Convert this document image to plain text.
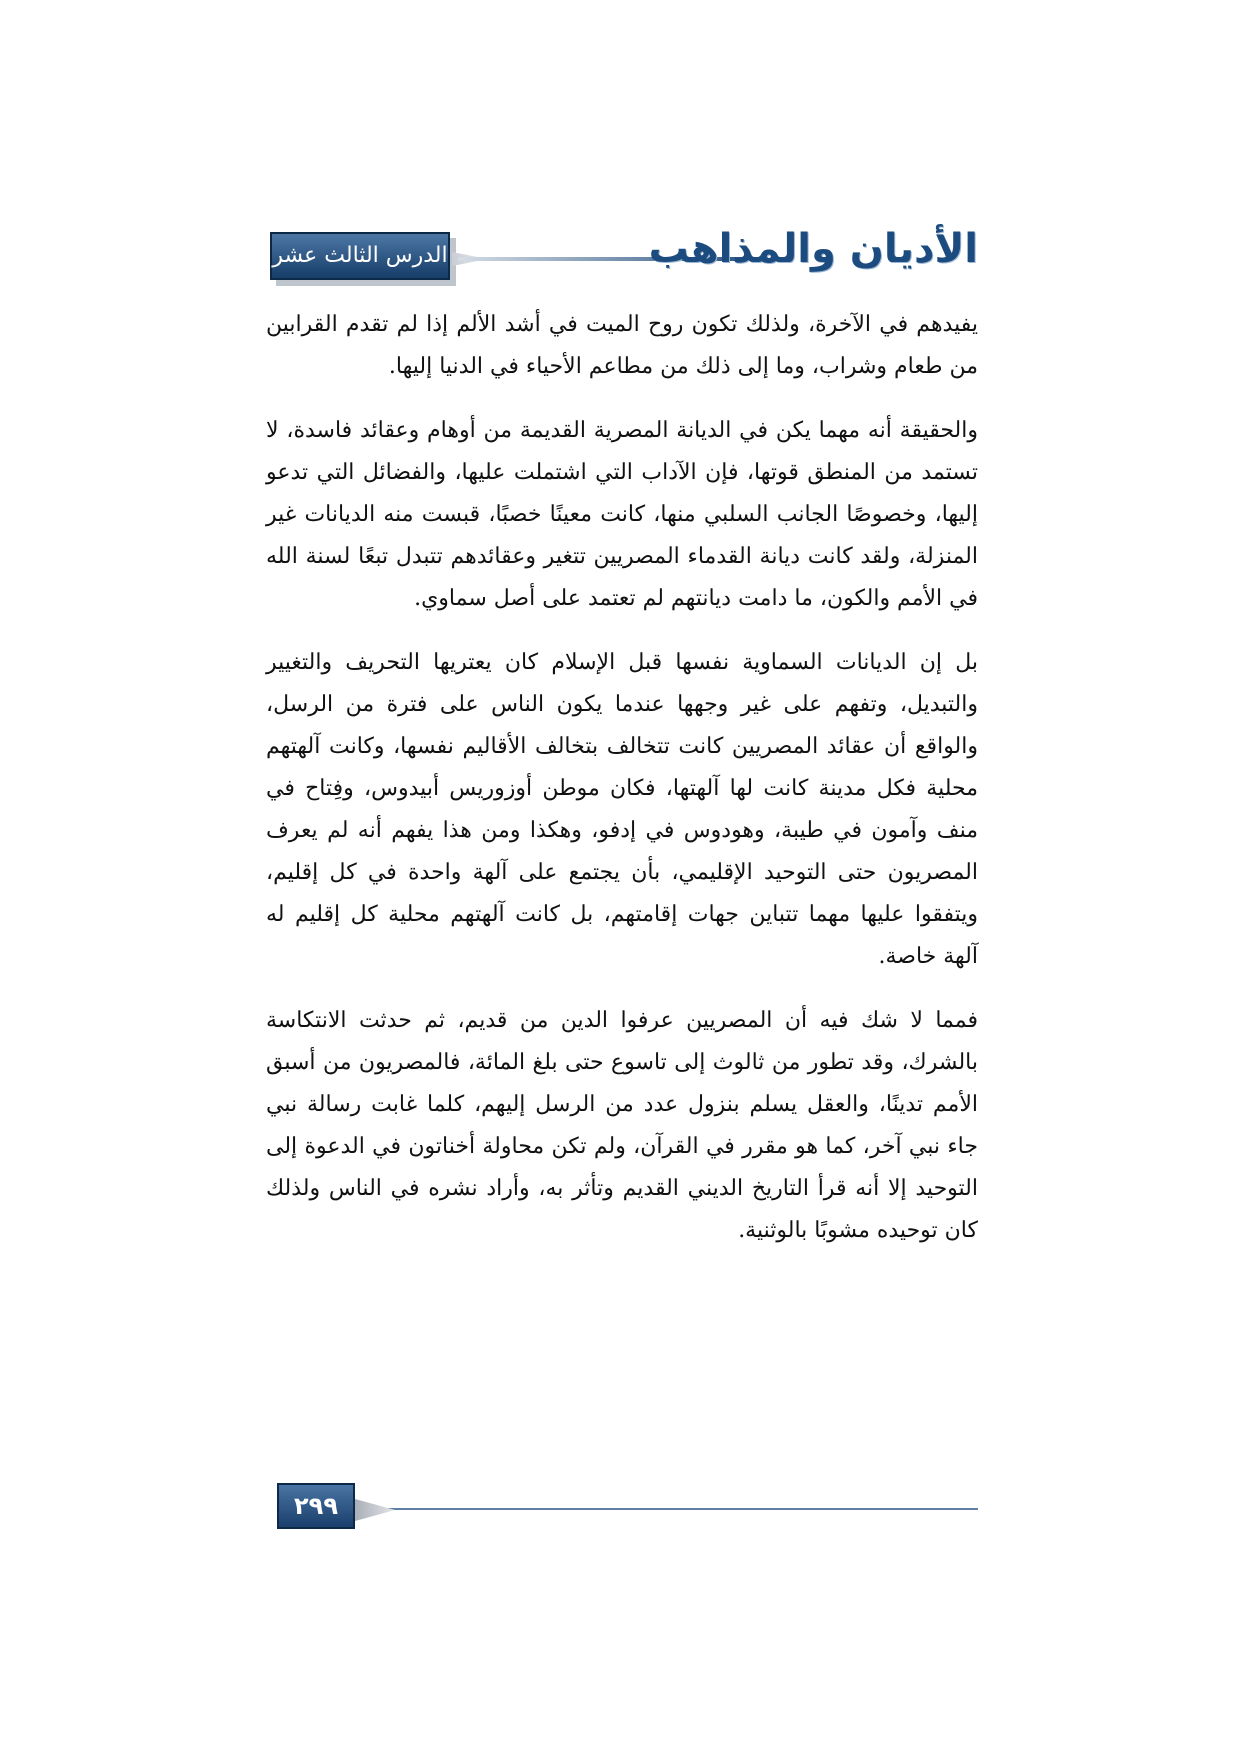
الدرس الثالث عشر	الأديان والمذاهب

يفيدهم في الآخرة، ولذلك تكون روح الميت في أشد الألم إذا لم تقدم القرابين من طعام وشراب، وما إلى ذلك من مطاعم الأحياء في الدنيا إليها.

والحقيقة أنه مهما يكن في الديانة المصرية القديمة من أوهام وعقائد فاسدة، لا تستمد من المنطق قوتها، فإن الآداب التي اشتملت عليها، والفضائل التي تدعو إليها، وخصوصًا الجانب السلبي منها، كانت معينًا خصبًا، قبست منه الديانات غير المنزلة، ولقد كانت ديانة القدماء المصريين تتغير وعقائدهم تتبدل تبعًا لسنة الله في الأمم والكون، ما دامت ديانتهم لم تعتمد على أصل سماوي.

بل إن الديانات السماوية نفسها قبل الإسلام كان يعتريها التحريف والتغيير والتبديل، وتفهم على غير وجهها عندما يكون الناس على فترة من الرسل، والواقع أن عقائد المصريين كانت تتخالف بتخالف الأقاليم نفسها، وكانت آلهتهم محلية فكل مدينة كانت لها آلهتها، فكان موطن أوزوريس أبيدوس، وفِتاح في منف وآمون في طيبة، وهودوس في إدفو، وهكذا ومن هذا يفهم أنه لم يعرف المصريون حتى التوحيد الإقليمي، بأن يجتمع على آلهة واحدة في كل إقليم، ويتفقوا عليها مهما تتباين جهات إقامتهم، بل كانت آلهتهم محلية كل إقليم له آلهة خاصة.

فمما لا شك فيه أن المصريين عرفوا الدين من قديم، ثم حدثت الانتكاسة بالشرك، وقد تطور من ثالوث إلى تاسوع حتى بلغ المائة، فالمصريون من أسبق الأمم تدينًا، والعقل يسلم بنزول عدد من الرسل إليهم، كلما غابت رسالة نبي جاء نبي آخر، كما هو مقرر في القرآن، ولم تكن محاولة أخناتون في الدعوة إلى التوحيد إلا أنه قرأ التاريخ الديني القديم وتأثر به، وأراد نشره في الناس ولذلك كان توحيده مشوبًا بالوثنية.

٢٩٩
